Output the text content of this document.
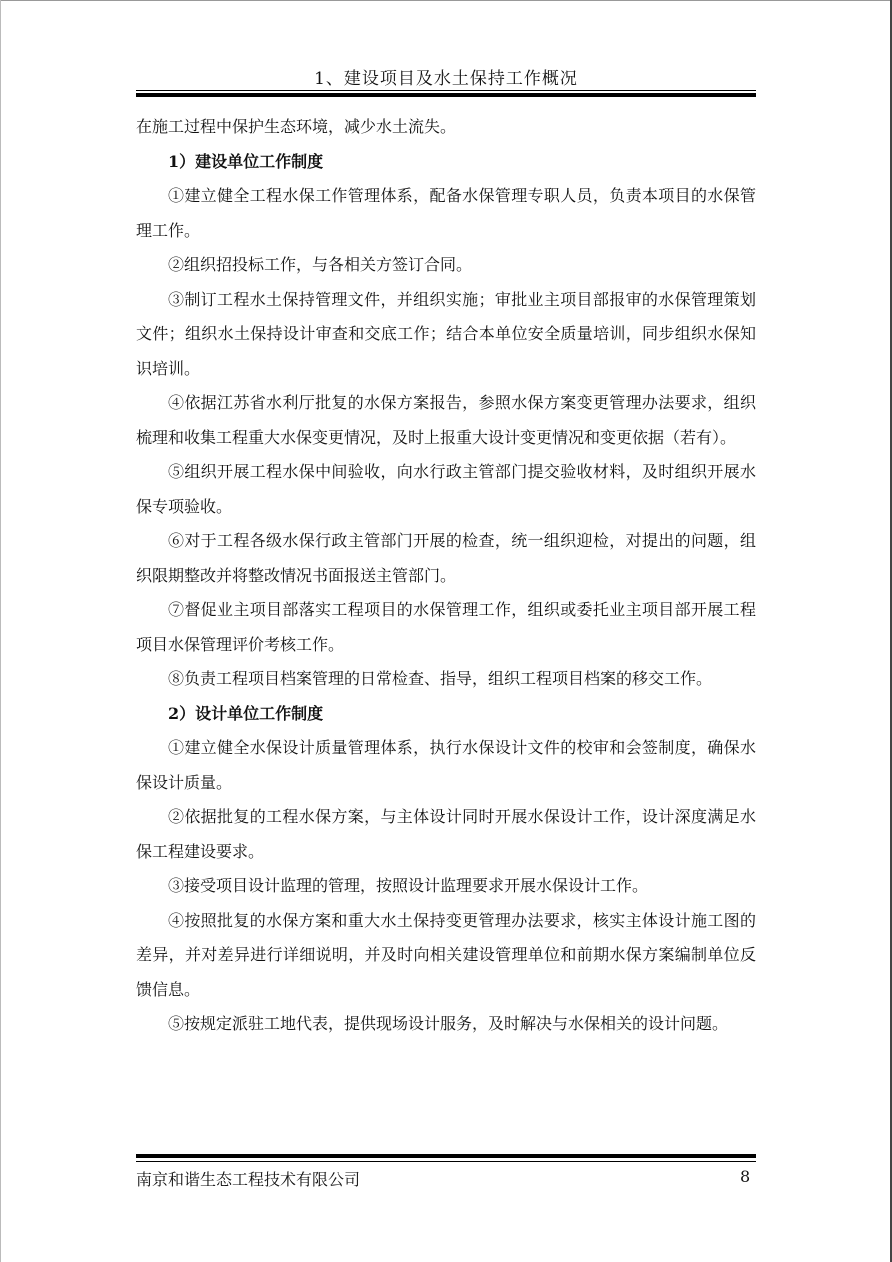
1、建设项目及水土保持工作概况

在施工过程中保护生态环境，减少水土流失。

1）建设单位工作制度

①建立健全工程水保工作管理体系，配备水保管理专职人员，负责本项目的水保管理工作。

②组织招投标工作，与各相关方签订合同。

③制订工程水土保持管理文件，并组织实施；审批业主项目部报审的水保管理策划文件；组织水土保持设计审查和交底工作；结合本单位安全质量培训，同步组织水保知识培训。

④依据江苏省水利厅批复的水保方案报告，参照水保方案变更管理办法要求，组织梳理和收集工程重大水保变更情况，及时上报重大设计变更情况和变更依据（若有）。

⑤组织开展工程水保中间验收，向水行政主管部门提交验收材料，及时组织开展水保专项验收。

⑥对于工程各级水保行政主管部门开展的检查，统一组织迎检，对提出的问题，组织限期整改并将整改情况书面报送主管部门。

⑦督促业主项目部落实工程项目的水保管理工作，组织或委托业主项目部开展工程项目水保管理评价考核工作。

⑧负责工程项目档案管理的日常检查、指导，组织工程项目档案的移交工作。

2）设计单位工作制度

①建立健全水保设计质量管理体系，执行水保设计文件的校审和会签制度，确保水保设计质量。

②依据批复的工程水保方案，与主体设计同时开展水保设计工作，设计深度满足水保工程建设要求。

③接受项目设计监理的管理，按照设计监理要求开展水保设计工作。

④按照批复的水保方案和重大水土保持变更管理办法要求，核实主体设计施工图的差异，并对差异进行详细说明，并及时向相关建设管理单位和前期水保方案编制单位反馈信息。

⑤按规定派驻工地代表，提供现场设计服务，及时解决与水保相关的设计问题。

南京和谐生态工程技术有限公司	8
